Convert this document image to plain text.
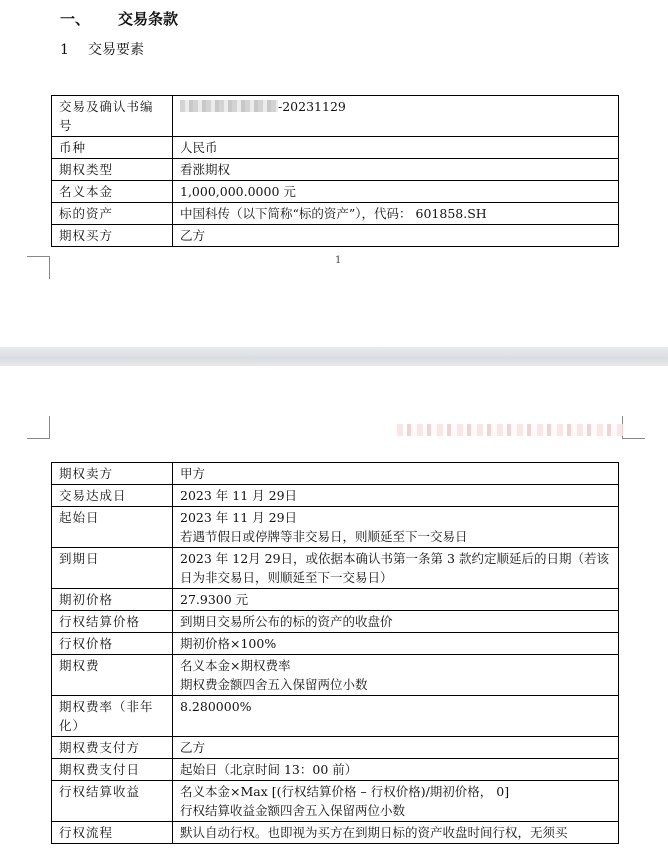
一、 交易条款
1 交易要素
交易及确认书编号	-20231129

币种	人民币

期权类型	看涨期权

名义本金	1,000,000.0000 元

标的资产	中国科传（以下简称“标的资产”），代码： 601858.SH

期权买方	乙方
1
期权卖方	甲方

交易达成日	2023 年 11 月 29日

起始日	2023 年 11 月 29日
若遇节假日或停牌等非交易日，则顺延至下一交易日

到期日	2023 年 12月 29日，或依据本确认书第一条第 3 款约定顺延后的日期（若该日为非交易日，则顺延至下一交易日）

期初价格	27.9300 元

行权结算价格	到期日交易所公布的标的资产的收盘价

行权价格	期初价格×100%

期权费	名义本金×期权费率
期权费金额四舍五入保留两位小数

期权费率（非年化）	8.280000%

期权费支付方	乙方

期权费支付日	起始日（北京时间 13：00 前）

行权结算收益	名义本金×Max [(行权结算价格 – 行权价格)/期初价格， 0]
行权结算收益金额四舍五入保留两位小数

行权流程	默认自动行权。也即视为买方在到期日标的资产收盘时间行权，无须买
